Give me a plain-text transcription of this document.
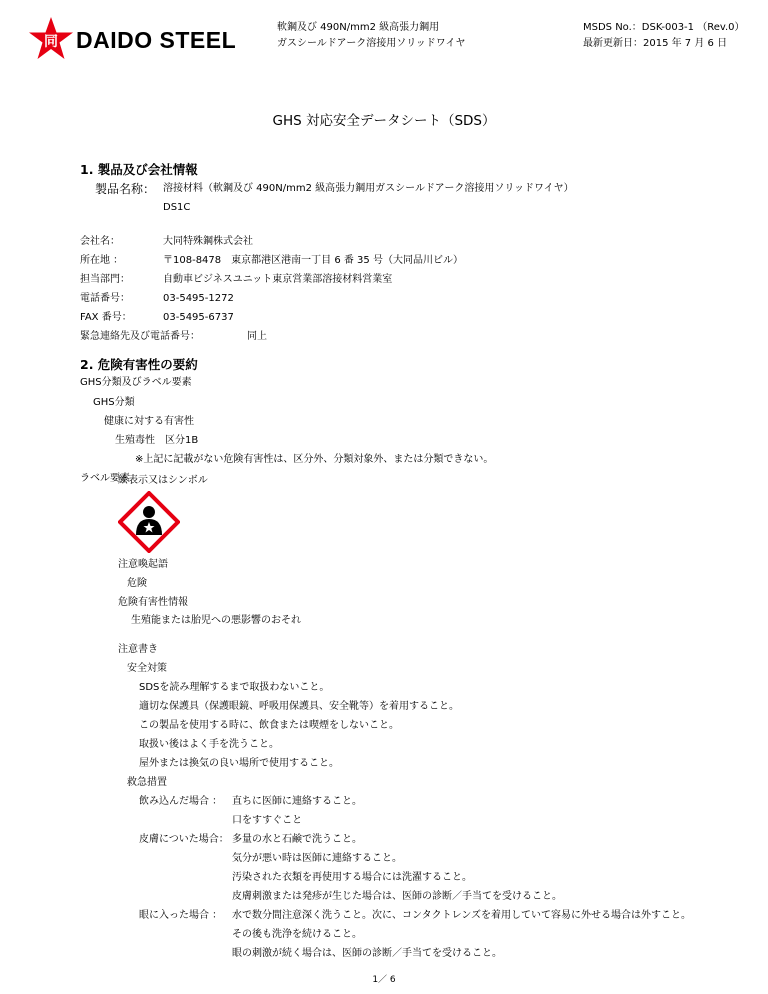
同 DAIDO STEEL	軟鋼及び 490N/mm2 級高張力鋼用
ガスシールドアーク溶接用ソリッドワイヤ
MSDS No.：DSK-003-1 （Rev.0）
最新更新日：2015 年 7 月 6 日
GHS 対応安全データシート（SDS）
1. 製品及び会社情報
製品名称： 溶接材料（軟鋼及び 490N/mm2 級高張力鋼用ガスシールドアーク溶接用ソリッドワイヤ）
DS1C
会社名：	大同特殊鋼株式会社
所在地 ：	〒108-8478　東京都港区港南一丁目 6 番 35 号（大同品川ビル）
担当部門：	自動車ビジネスユニット東京営業部溶接材料営業室
電話番号：	03-5495-1272
FAX 番号：	03-5495-6737
緊急連絡先及び電話番号：	同上
2. 危険有害性の要約
GHS分類及びラベル要素
GHS分類
健康に対する有害性
生殖毒性　区分1B
※上記に記載がない危険有害性は、区分外、分類対象外、または分類できない。
ラベル要素
絵表示又はシンボル
注意喚起語
危険
危険有害性情報
生殖能または胎児への悪影響のおそれ
注意書き
安全対策
SDSを読み理解するまで取扱わないこと。
適切な保護具（保護眼鏡、呼吸用保護具、安全靴等）を着用すること。
この製品を使用する時に、飲食または喫煙をしないこと。
取扱い後はよく手を洗うこと。
屋外または換気の良い場所で使用すること。
救急措置
飲み込んだ場合 ： 直ちに医師に連絡すること。
口をすすぐこと
皮膚についた場合： 多量の水と石鹸で洗うこと。
気分が悪い時は医師に連絡すること。
汚染された衣類を再使用する場合には洗濯すること。
皮膚刺激または発疹が生じた場合は、医師の診断／手当てを受けること。
眼に入った場合 ： 水で数分間注意深く洗うこと。次に、コンタクトレンズを着用していて容易に外せる場合は外すこと。
その後も洗浄を続けること。
眼の刺激が続く場合は、医師の診断／手当てを受けること。
1／ 6
